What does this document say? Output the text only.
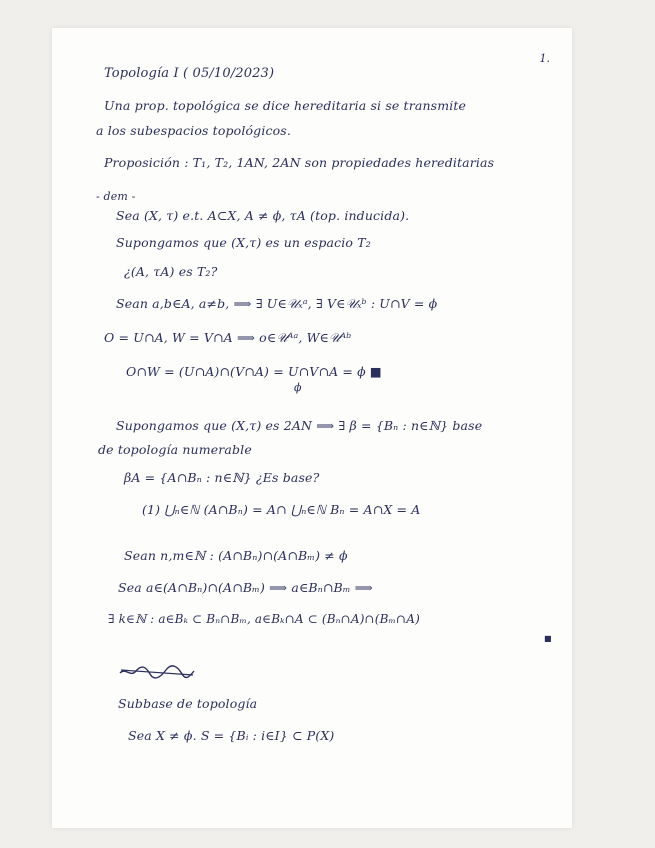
1.
Topología I ( 05/10/2023)
Una prop. topológica se dice hereditaria si se transmite
a los subespacios topológicos.
Proposición : T₁, T₂, 1AN, 2AN son propiedades hereditarias
- dem -
Sea (X, τ) e.t. A⊂X, A ≠ ϕ, τA (top. inducida).
Supongamos que (X,τ) es un espacio T₂
¿(A, τA) es T₂?
Sean a,b∈A, a≠b, ⟹ ∃ U∈𝒰ₓᵃ, ∃ V∈𝒰ₓᵇ : U∩V = ϕ
O = U∩A, W = V∩A ⟹ o∈𝒰ᴬᵃ, W∈𝒰ᴬᵇ
O∩W = (U∩A)∩(V∩A) = U∩V∩A = ϕ ■
ϕ
Supongamos que (X,τ) es 2AN ⟹ ∃ β = {Bₙ : n∈ℕ} base
de topología numerable
βA = {A∩Bₙ : n∈ℕ} ¿Es base?
(1) ⋃ₙ∈ℕ (A∩Bₙ) = A∩ ⋃ₙ∈ℕ Bₙ = A∩X = A
Sean n,m∈ℕ : (A∩Bₙ)∩(A∩Bₘ) ≠ ϕ
Sea a∈(A∩Bₙ)∩(A∩Bₘ) ⟹ a∈Bₙ∩Bₘ ⟹
∃ k∈ℕ : a∈Bₖ ⊂ Bₙ∩Bₘ, a∈Bₖ∩A ⊂ (Bₙ∩A)∩(Bₘ∩A)
■
Subbase de topología
Sea X ≠ ϕ. S = {Bᵢ : i∈I} ⊂ P(X)
